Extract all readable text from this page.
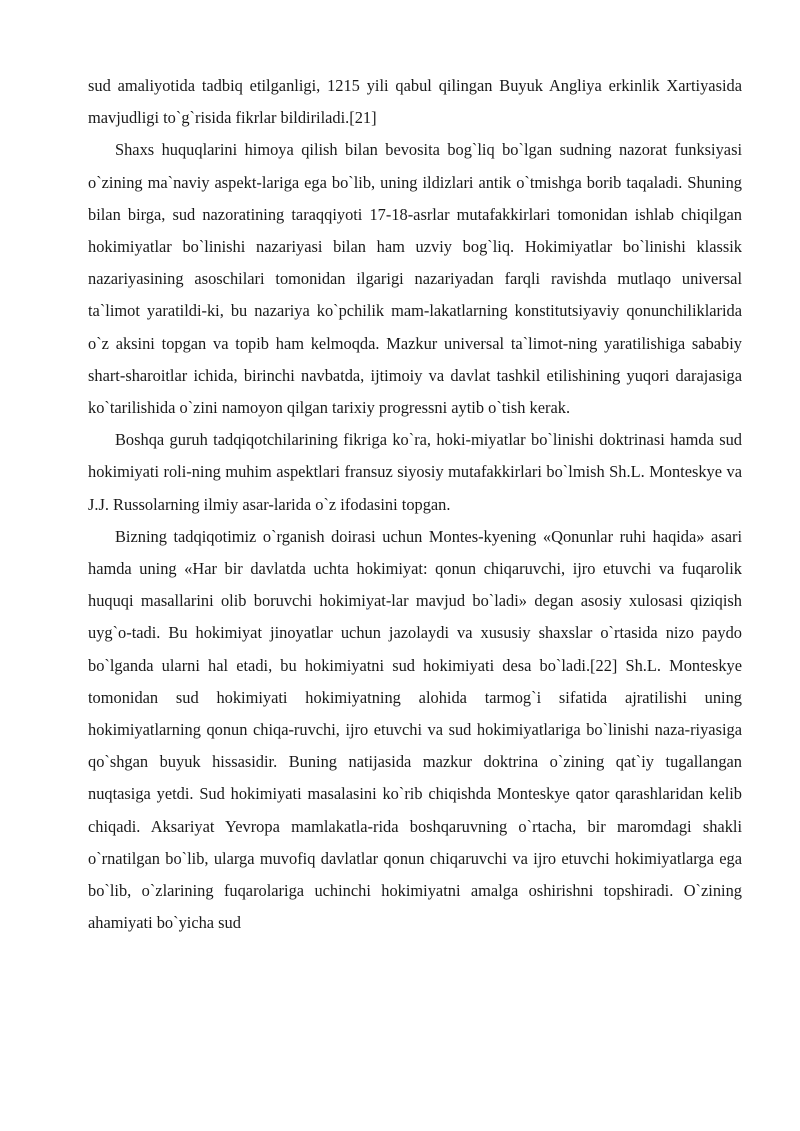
sud amaliyotida tadbiq etilganligi, 1215 yili qabul qilingan Buyuk Angliya erkinlik Xartiyasida mavjudligi to`g`risida fikrlar bildiriladi.[21]

Shaxs huquqlarini himoya qilish bilan bevosita bog`liq bo`lgan sudning nazorat funksiyasi o`zining ma`naviy aspekt-lariga ega bo`lib, uning ildizlari antik o`tmishga borib taqaladi. Shuning bilan birga, sud nazoratining taraqqiyoti 17-18-asrlar mutafakkirlari tomonidan ishlab chiqilgan hokimiyatlar bo`linishi nazariyasi bilan ham uzviy bog`liq. Hokimiyatlar bo`linishi klassik nazariyasining asoschilari tomonidan ilgarigi nazariyadan farqli ravishda mutlaqo universal ta`limot yaratildi-ki, bu nazariya ko`pchilik mam-lakatlarning konstitutsiyaviy qonunchiliklarida o`z aksini topgan va topib ham kelmoqda. Mazkur universal ta`limot-ning yaratilishiga sababiy shart-sharoitlar ichida, birinchi navbatda, ijtimoiy va davlat tashkil etilishining yuqori darajasiga ko`tarilishida o`zini namoyon qilgan tarixiy progressni aytib o`tish kerak.

Boshqa guruh tadqiqotchilarining fikriga ko`ra, hoki-miyatlar bo`linishi doktrinasi hamda sud hokimiyati roli-ning muhim aspektlari fransuz siyosiy mutafakkirlari bo`lmish Sh.L. Monteskye va J.J. Russolarning ilmiy asar-larida o`z ifodasini topgan.

Bizning tadqiqotimiz o`rganish doirasi uchun Montes-kyening «Qonunlar ruhi haqida» asari hamda uning «Har bir davlatda uchta hokimiyat: qonun chiqaruvchi, ijro etuvchi va fuqarolik huquqi masallarini olib boruvchi hokimiyat-lar mavjud bo`ladi» degan asosiy xulosasi qiziqish uyg`o-tadi. Bu hokimiyat jinoyatlar uchun jazolaydi va xususiy shaxslar o`rtasida nizo paydo bo`lganda ularni hal etadi, bu hokimiyatni sud hokimiyati desa bo`ladi.[22] Sh.L. Monteskye tomonidan sud hokimiyati hokimiyatning alohida tarmog`i sifatida ajratilishi uning hokimiyatlarning qonun chiqa-ruvchi, ijro etuvchi va sud hokimiyatlariga bo`linishi naza-riyasiga qo`shgan buyuk hissasidir. Buning natijasida mazkur doktrina o`zining qat`iy tugallangan nuqtasiga yetdi. Sud hokimiyati masalasini ko`rib chiqishda Monteskye qator qarashlaridan kelib chiqadi. Aksariyat Yevropa mamlakatla-rida boshqaruvning o`rtacha, bir maromdagi shakli o`rnatilgan bo`lib, ularga muvofiq davlatlar qonun chiqaruvchi va ijro etuvchi hokimiyatlarga ega bo`lib, o`zlarining fuqarolariga uchinchi hokimiyatni amalga oshirishni topshiradi. O`zining ahamiyati bo`yicha sud
